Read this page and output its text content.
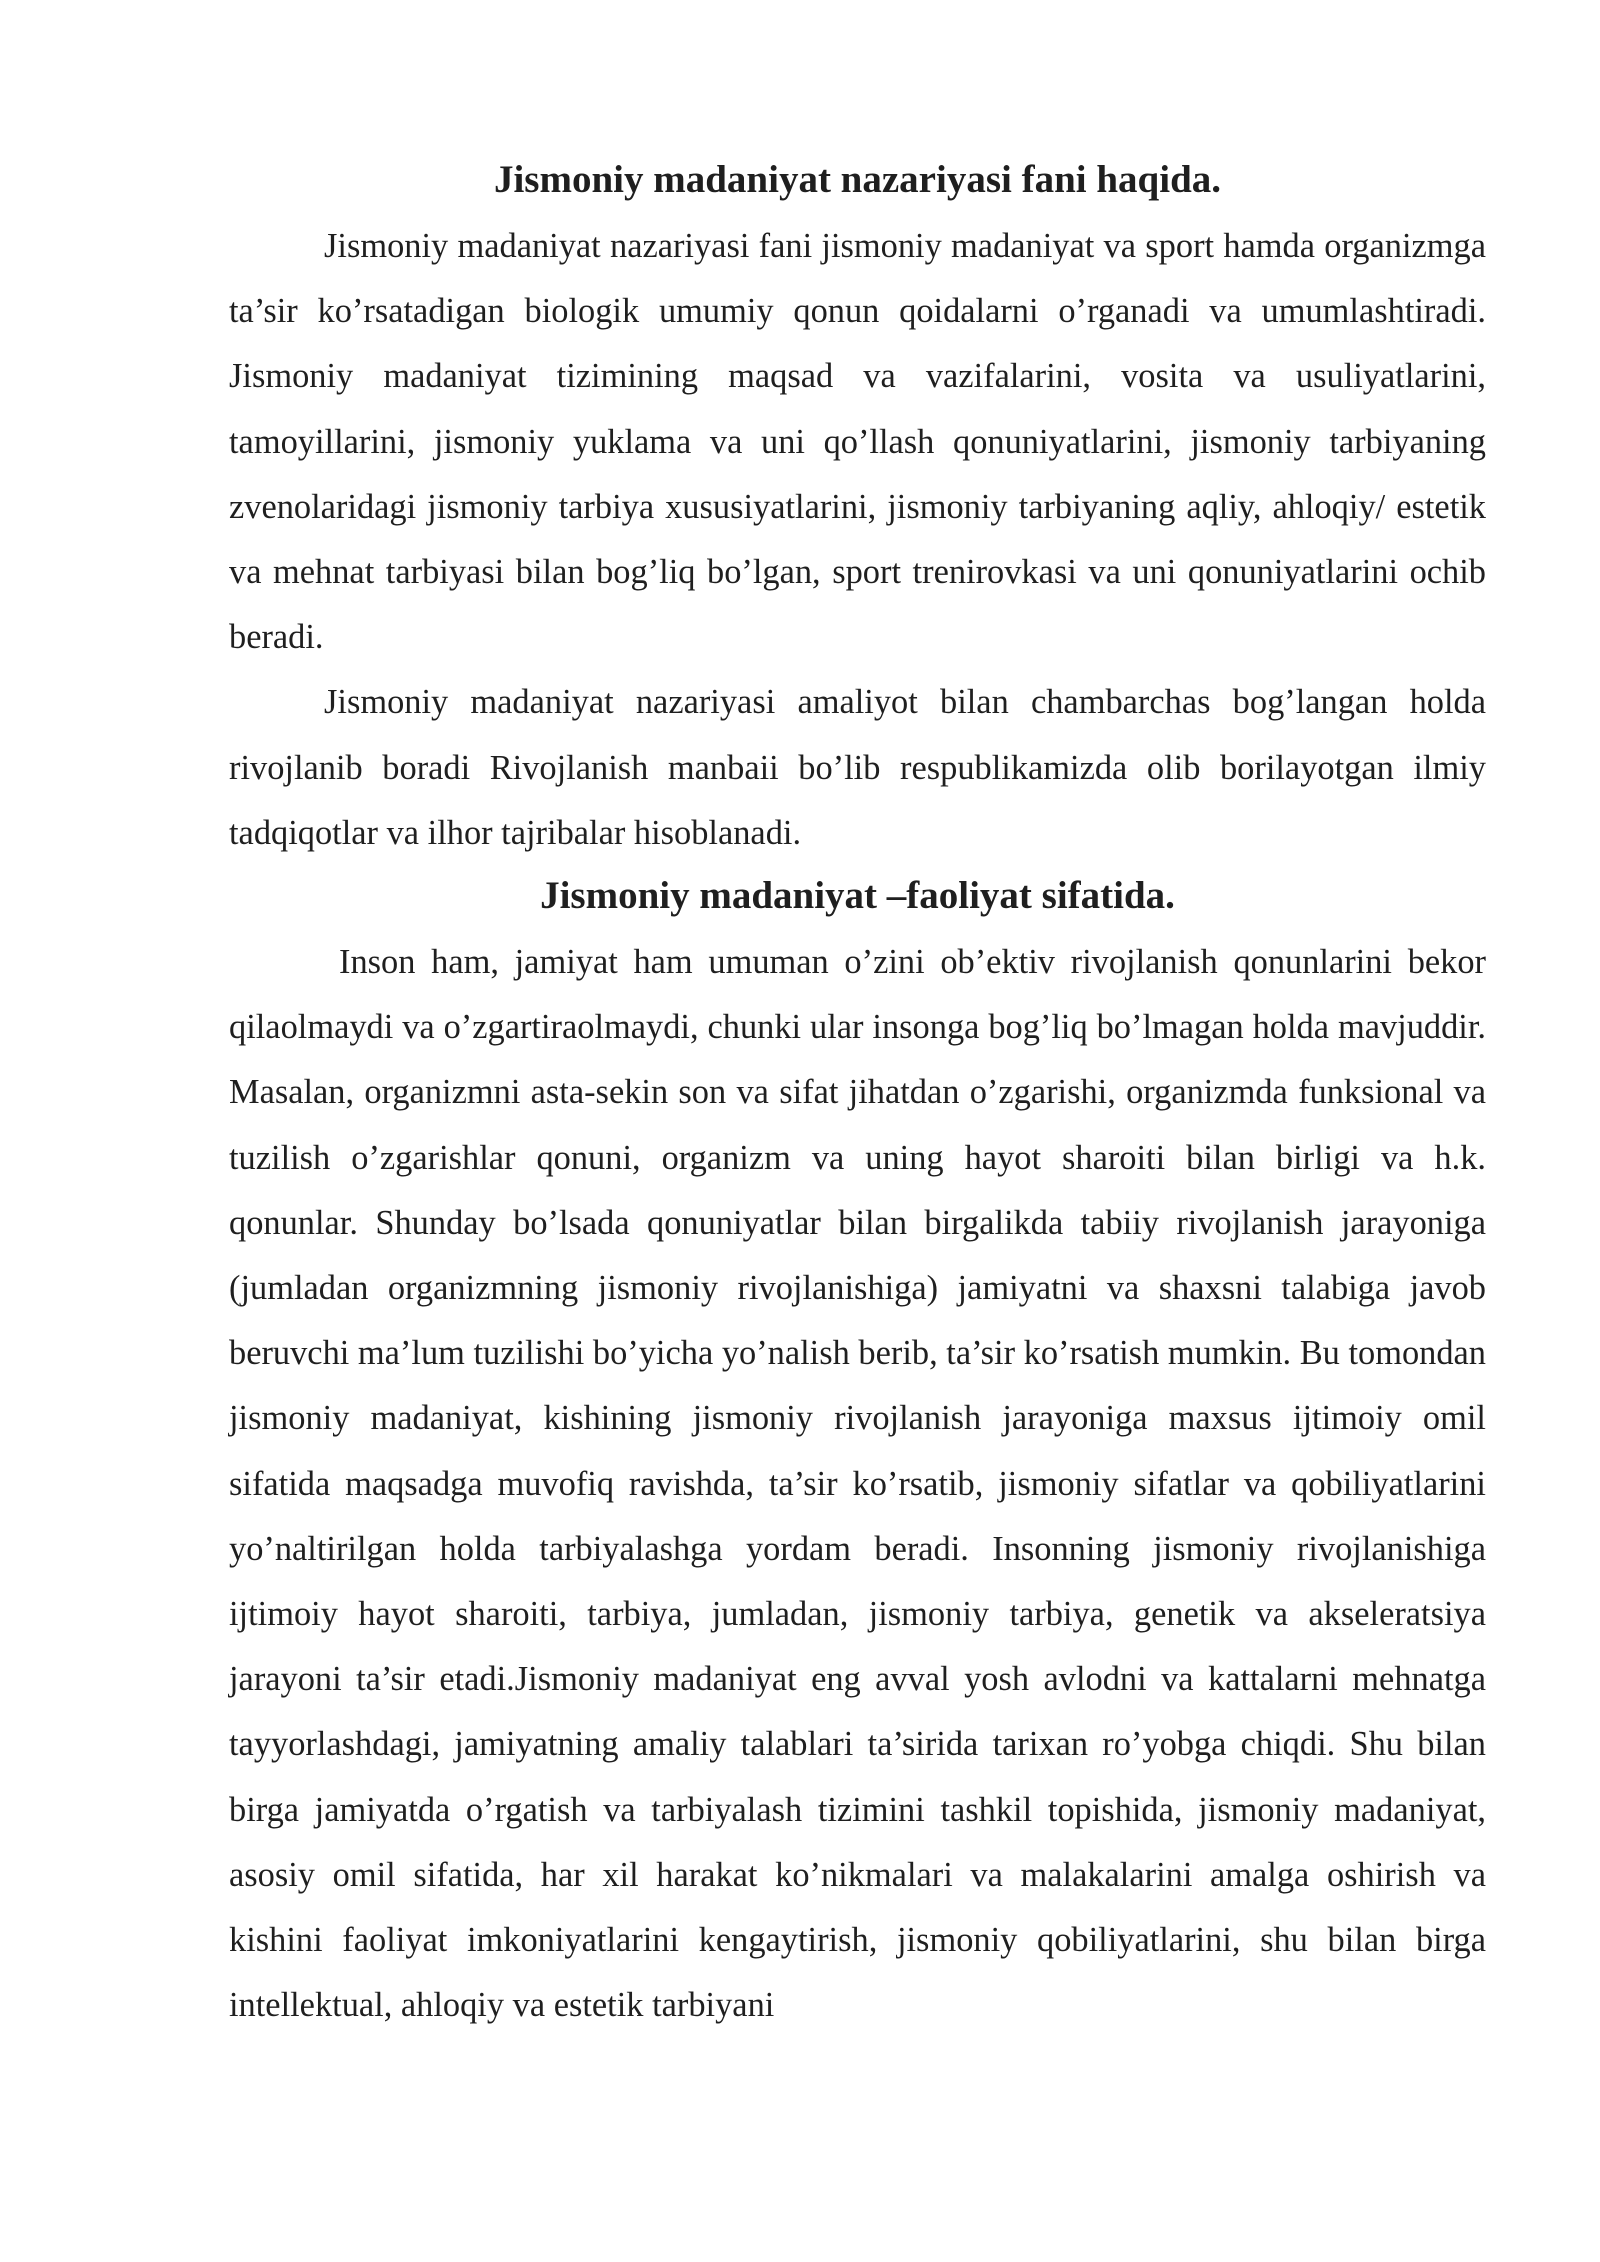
Jismoniy madaniyat nazariyasi fani haqida.

Jismoniy madaniyat nazariyasi fani jismoniy madaniyat va sport hamda organizmga ta’sir ko’rsatadigan biologik umumiy qonun qoidalarni o’rganadi va umumlashtiradi. Jismoniy madaniyat tizimining maqsad va vazifalarini, vosita va usuliyatlarini, tamoyillarini, jismoniy yuklama va uni qo’llash qonuniyatlarini, jismoniy tarbiyaning zvenolaridagi jismoniy tarbiya xususiyatlarini, jismoniy tarbiyaning aqliy, ahloqiy/ estetik va mehnat tarbiyasi bilan bog’liq bo’lgan, sport trenirovkasi va uni qonuniyatlarini ochib beradi.

Jismoniy madaniyat nazariyasi amaliyot bilan chambarchas bog’langan holda rivojlanib boradi Rivojlanish manbaii bo’lib respublikamizda olib borilayotgan ilmiy tadqiqotlar va ilhor tajribalar hisoblanadi.

Jismoniy madaniyat –faoliyat sifatida.

Inson ham, jamiyat ham umuman o’zini ob’ektiv rivojlanish qonunlarini bekor qilaolmaydi va o’zgartiraolmaydi, chunki ular insonga bog’liq bo’lmagan holda mavjuddir. Masalan, organizmni asta-sekin son va sifat jihatdan o’zgarishi, organizmda funksional va tuzilish o’zgarishlar qonuni, organizm va uning hayot sharoiti bilan birligi va h.k. qonunlar. Shunday bo’lsada qonuniyatlar bilan birgalikda tabiiy rivojlanish jarayoniga (jumladan organizmning jismoniy rivojlanishiga) jamiyatni va shaxsni talabiga javob beruvchi ma’lum tuzilishi bo’yicha yo’nalish berib, ta’sir ko’rsatish mumkin. Bu tomondan jismoniy madaniyat, kishining jismoniy rivojlanish jarayoniga maxsus ijtimoiy omil sifatida maqsadga muvofiq ravishda, ta’sir ko’rsatib, jismoniy sifatlar va qobiliyatlarini yo’naltirilgan holda tarbiyalashga yordam beradi. Insonning jismoniy rivojlanishiga ijtimoiy hayot sharoiti, tarbiya, jumladan, jismoniy tarbiya, genetik va akseleratsiya jarayoni ta’sir etadi.Jismoniy madaniyat eng avval yosh avlodni va kattalarni mehnatga tayyorlashdagi, jamiyatning amaliy talablari ta’sirida tarixan ro’yobga chiqdi. Shu bilan birga jamiyatda o’rgatish va tarbiyalash tizimini tashkil topishida, jismoniy madaniyat, asosiy omil sifatida, har xil harakat ko’nikmalari va malakalarini amalga oshirish va kishini faoliyat imkoniyatlarini kengaytirish, jismoniy qobiliyatlarini, shu bilan birga intellektual, ahloqiy va estetik tarbiyani
